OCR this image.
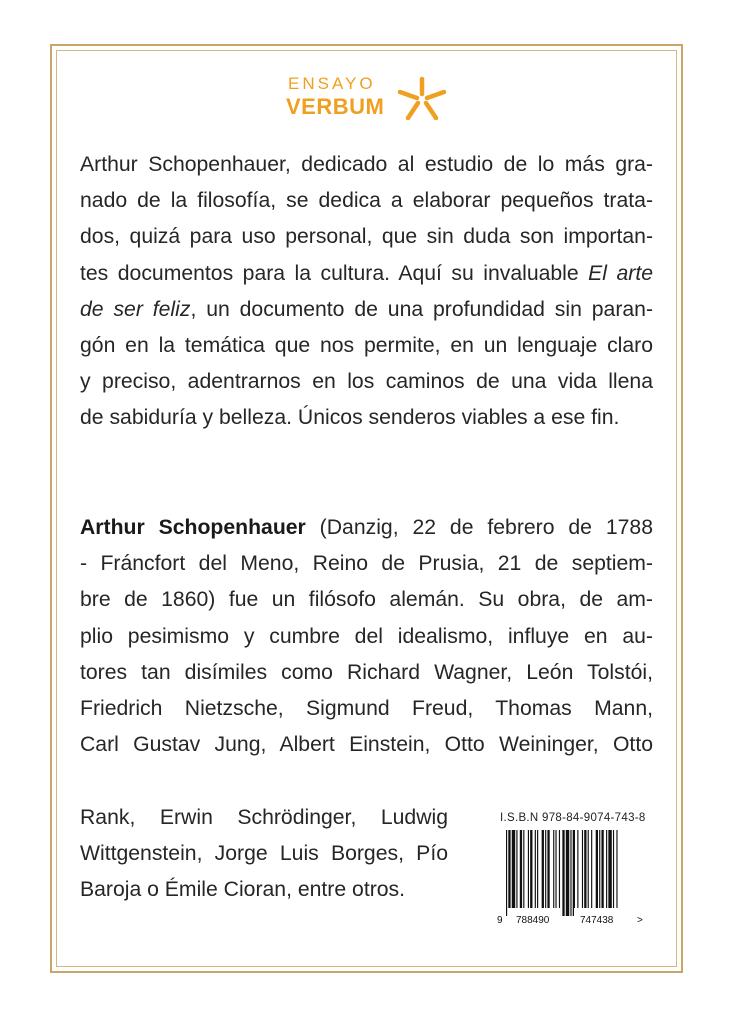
ENSAYO
VERBUM
Arthur Schopenhauer, dedicado al estudio de lo más gra-
nado de la filosofía, se dedica a elaborar pequeños trata-
dos, quizá para uso personal, que sin duda son importan-
tes documentos para la cultura. Aquí su invaluable El arte
de ser feliz, un documento de una profundidad sin paran-
gón en la temática que nos permite, en un lenguaje claro
y preciso, adentrarnos en los caminos de una vida llena
de sabiduría y belleza. Únicos senderos viables a ese fin.
Arthur Schopenhauer (Danzig, 22 de febrero de 1788
- Fráncfort del Meno, Reino de Prusia, 21 de septiem-
bre de 1860) fue un filósofo alemán. Su obra, de am-
plio pesimismo y cumbre del idealismo, influye en au-
tores tan disímiles como Richard Wagner, León Tolstói,
Friedrich Nietzsche, Sigmund Freud, Thomas Mann,
Carl Gustav Jung, Albert Einstein, Otto Weininger, Otto
Rank, Erwin Schrödinger, Ludwig
Wittgenstein, Jorge Luis Borges, Pío
Baroja o Émile Cioran, entre otros.
I.S.B.N 978-84-9074-743-8
9 788490	747438 >
